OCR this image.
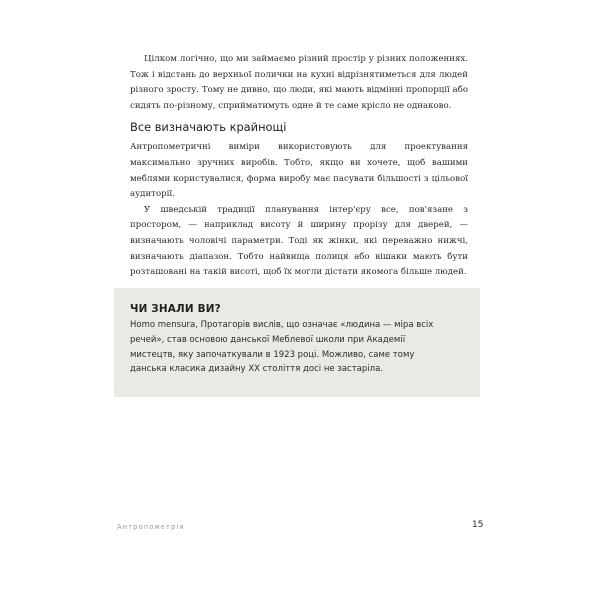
Цілком логічно, що ми займаємо різний простір у різних положеннях. Тож і відстань до верхньої полички на кухні відрізнятиметься для людей різного зросту. Тому не дивно, що люди, які мають відмінні пропорції або сидять по-різному, сприйматимуть одне й те саме крісло не однаково.

Все визначають крайнощі

Антропометричні виміри використовують для проектування максимально зручних виробів. Тобто, якщо ви хочете, щоб вашими меблями користувалися, форма виробу має пасувати більшості з цільової аудиторії.

У шведській традиції планування інтер'єру все, пов'язане з простором, — наприклад висоту й ширину прорізу для дверей, — визначають чоловічі параметри. Тоді як жінки, які переважно нижчі, визначають діапазон. Тобто найвища полиця або вішаки мають бути розташовані на такій висоті, щоб їх могли дістати якомога більше людей.

ЧИ ЗНАЛИ ВИ?

Homo mensura, Протагорів вислів, що означає «людина — міра всіх речей», став основою данської Меблевої школи при Академії мистецтв, яку започаткували в 1923 році. Можливо, саме тому данська класика дизайну XX століття досі не застаріла.

Антропометрія	15
